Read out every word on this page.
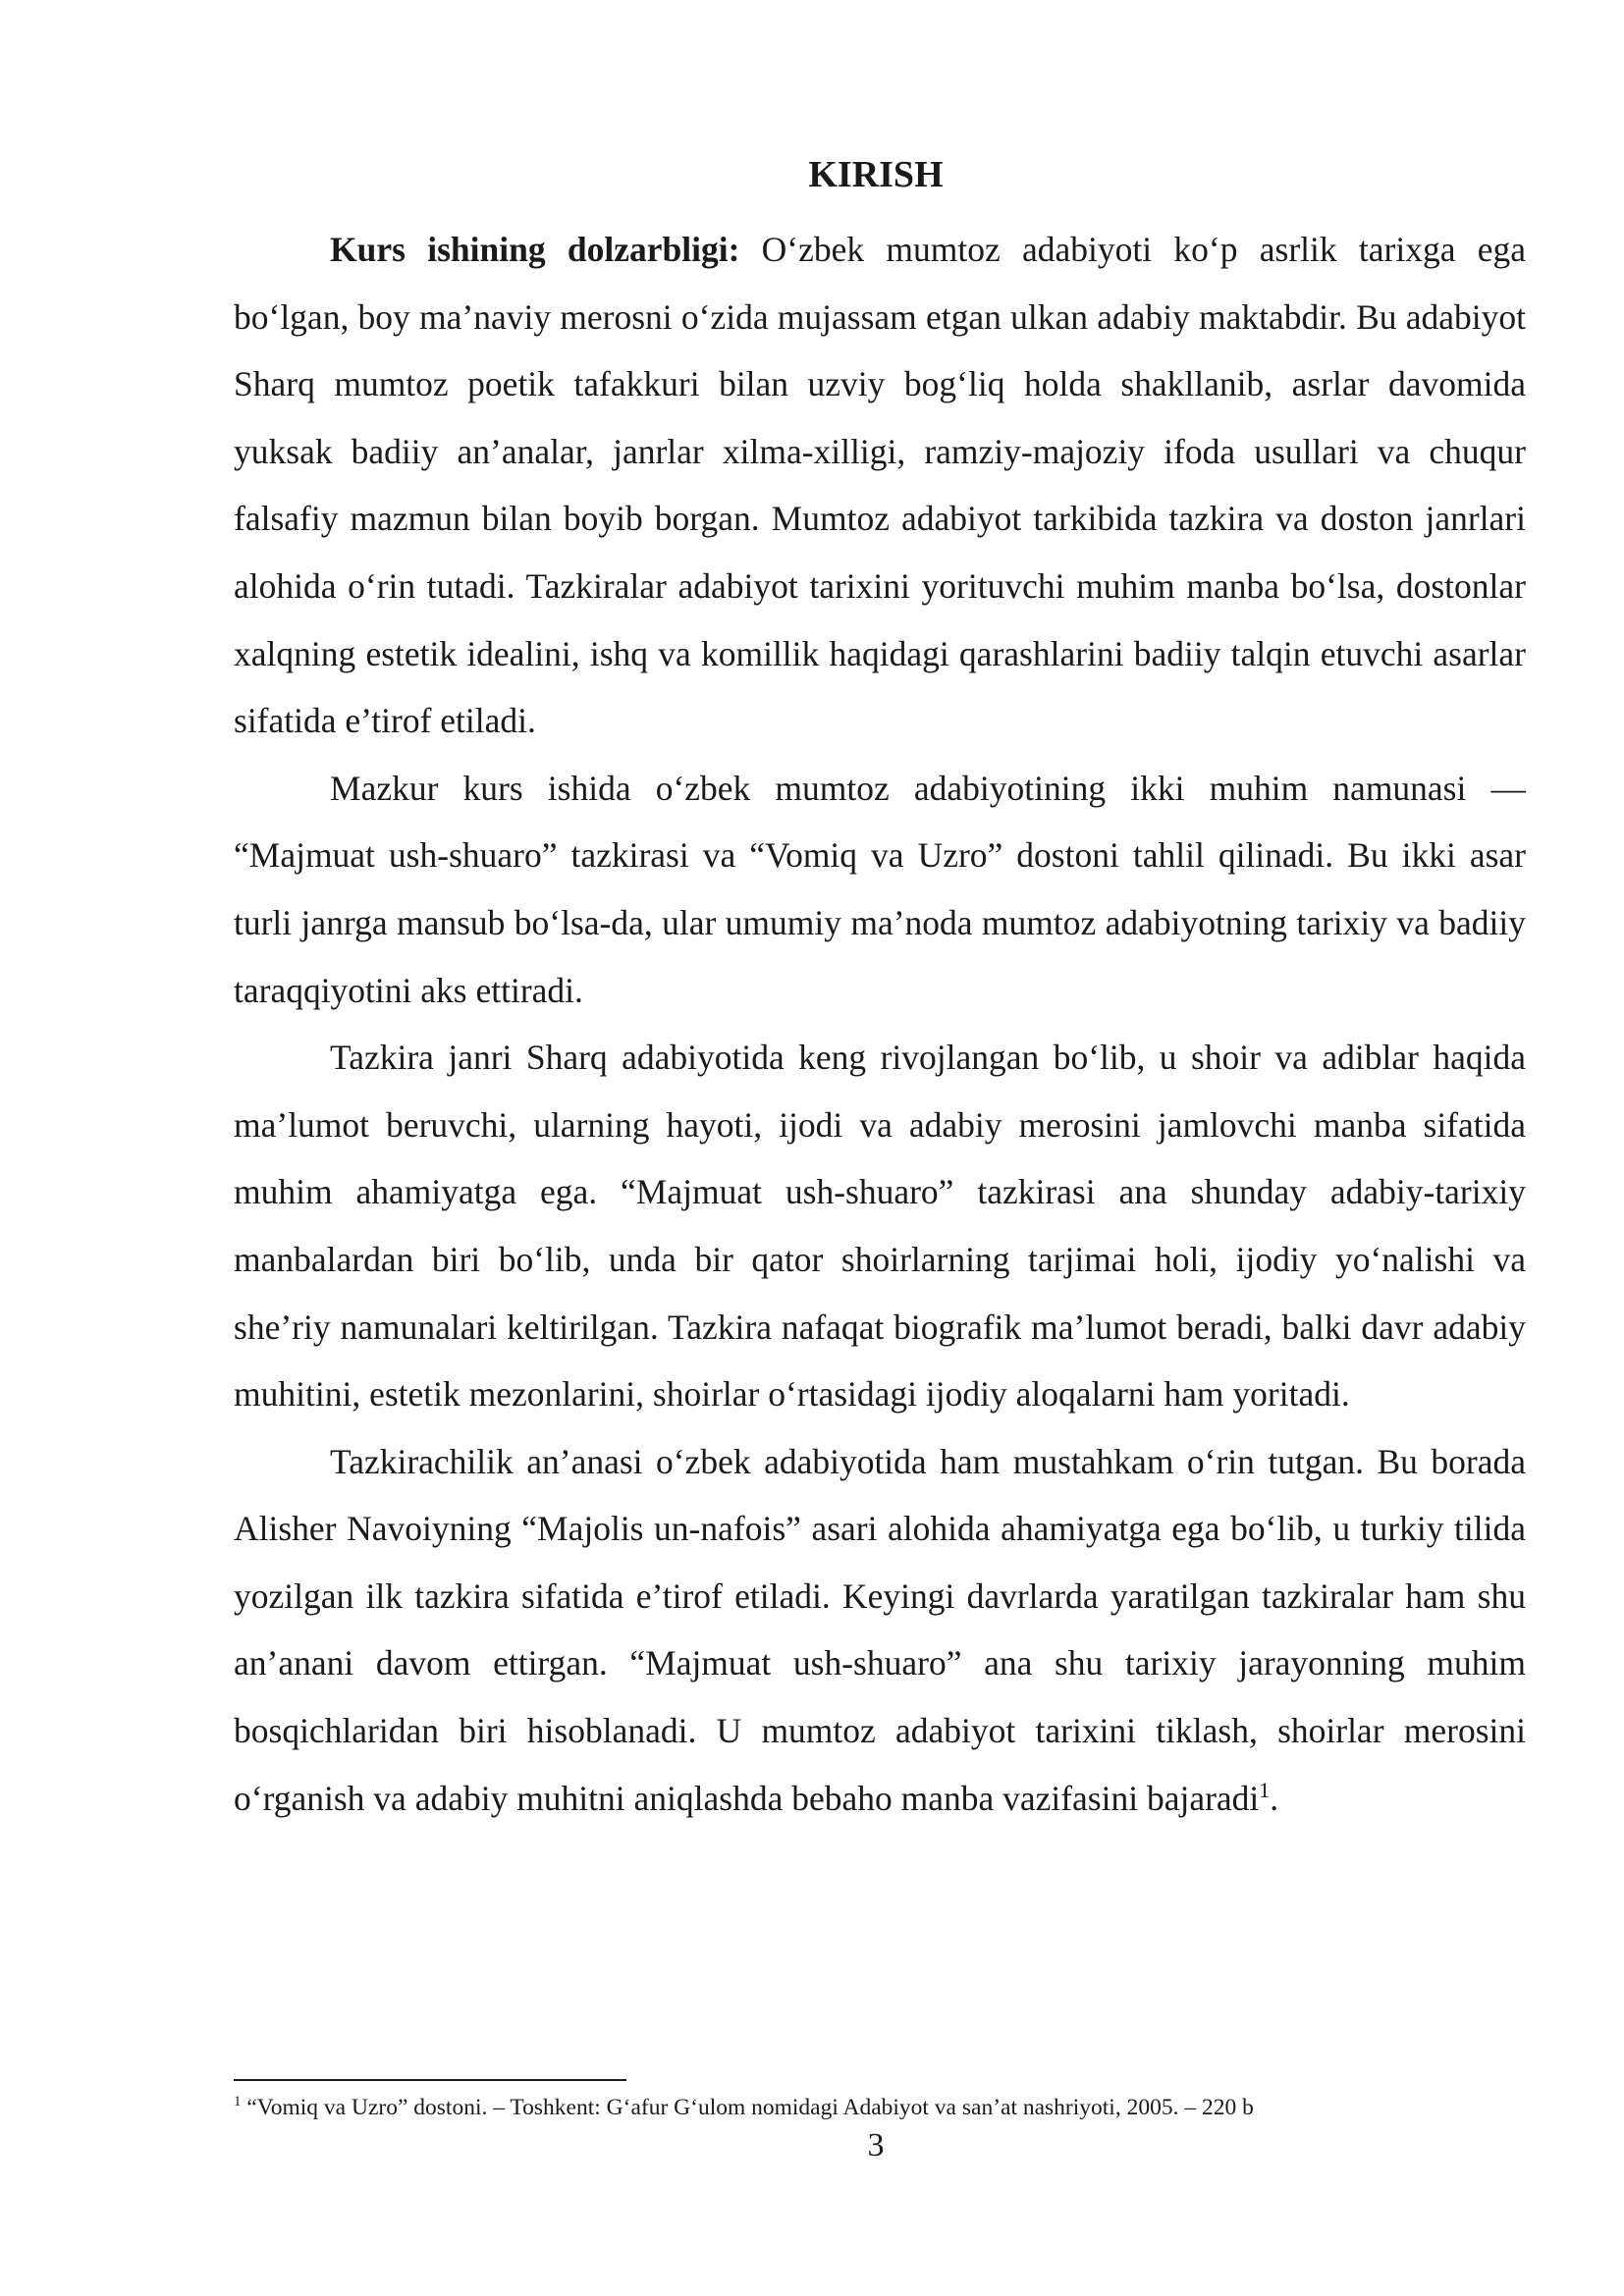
KIRISH

Kurs ishining dolzarbligi: O‘zbek mumtoz adabiyoti ko‘p asrlik tarixga ega bo‘lgan, boy ma’naviy merosni o‘zida mujassam etgan ulkan adabiy maktabdir. Bu adabiyot Sharq mumtoz poetik tafakkuri bilan uzviy bog‘liq holda shakllanib, asrlar davomida yuksak badiiy an’analar, janrlar xilma-xilligi, ramziy-majoziy ifoda usullari va chuqur falsafiy mazmun bilan boyib borgan. Mumtoz adabiyot tarkibida tazkira va doston janrlari alohida o‘rin tutadi. Tazkiralar adabiyot tarixini yorituvchi muhim manba bo‘lsa, dostonlar xalqning estetik idealini, ishq va komillik haqidagi qarashlarini badiiy talqin etuvchi asarlar sifatida e’tirof etiladi.

Mazkur kurs ishida o‘zbek mumtoz adabiyotining ikki muhim namunasi — “Majmuat ush-shuaro” tazkirasi va “Vomiq va Uzro” dostoni tahlil qilinadi. Bu ikki asar turli janrga mansub bo‘lsa-da, ular umumiy ma’noda mumtoz adabiyotning tarixiy va badiiy taraqqiyotini aks ettiradi.

Tazkira janri Sharq adabiyotida keng rivojlangan bo‘lib, u shoir va adiblar haqida ma’lumot beruvchi, ularning hayoti, ijodi va adabiy merosini jamlovchi manba sifatida muhim ahamiyatga ega. “Majmuat ush-shuaro” tazkirasi ana shunday adabiy-tarixiy manbalardan biri bo‘lib, unda bir qator shoirlarning tarjimai holi, ijodiy yo‘nalishi va she’riy namunalari keltirilgan. Tazkira nafaqat biografik ma’lumot beradi, balki davr adabiy muhitini, estetik mezonlarini, shoirlar o‘rtasidagi ijodiy aloqalarni ham yoritadi.

Tazkirachilik an’anasi o‘zbek adabiyotida ham mustahkam o‘rin tutgan. Bu borada Alisher Navoiyning “Majolis un-nafois” asari alohida ahamiyatga ega bo‘lib, u turkiy tilida yozilgan ilk tazkira sifatida e’tirof etiladi. Keyingi davrlarda yaratilgan tazkiralar ham shu an’anani davom ettirgan. “Majmuat ush-shuaro” ana shu tarixiy jarayonning muhim bosqichlaridan biri hisoblanadi. U mumtoz adabiyot tarixini tiklash, shoirlar merosini o‘rganish va adabiy muhitni aniqlashda bebaho manba vazifasini bajaradi$^1$.

$^1$ “Vomiq va Uzro” dostoni. – Toshkent: G‘afur G‘ulom nomidagi Adabiyot va san’at nashriyoti, 2005. – 220 b
3
